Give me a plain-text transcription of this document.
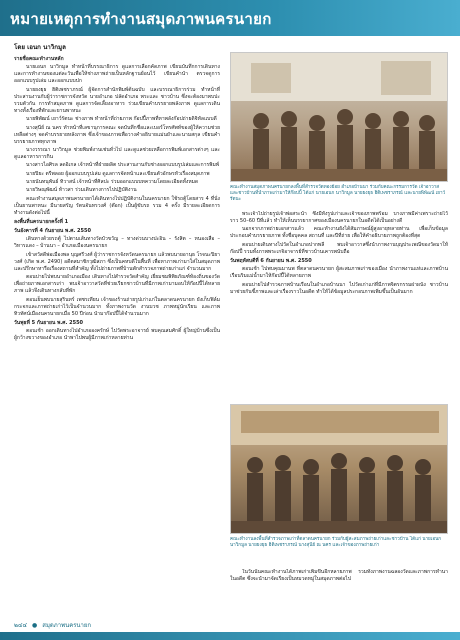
หมายเหตุการทำงานสมุดภาพนครนายก
โดย เอนก นาวิกมูล

รายชื่อคณะทำงานหลัก

นายเอนก นาวิกมูล ทำหน้าที่บรรณาธิการ ดูแลการเลือกคัดภาพ เขียนบันทึกการเดินทางและการทำงานของแต่ละวันเพื่อให้ช่างภาพถ่ายเป็นหลักฐานย้อนไว้ เขียนคำนำ ตรวจดูการออกแบบรูปเล่ม และออกแบบปก

นายยงยุธ ฮิติเพชราภรณ์ ผู้จัดการสำนักพิมพ์ต้นฉบับ และบรรณาธิการร่วม ทำหน้าที่ประสานงานกับผู้ว่าราชการจังหวัด นายอำเภอ ปลัดอำเภอ พระและ ชาวบ้าน ซึ่งจะต้องมาพบปะรวมตัวกัน การทำสมุดภาพ ดูแลการจัดเลี้ยงอาหาร ร่วมเขียนคำบรรยายพลังภาพ ดูแลการเดินทางทั้งเรื่องที่พักและยานพาหนะ

นายพิพัฒน์ เยาว์รัตนะ ช่างภาพ ทำหน้าที่ถ่ายภาพ ก๊อปปี้ภาพที่หาพลังก๊อปถ่ายดิจิทัลแบบดี

นางสุนีย์ ณ นคร ทำหน้าที่เลขานุการคณะ จดบันทึกชื่อและเบอร์โทรศัพท์ของผู้ให้ความช่วยเหลือต่างๆ จดคำบรรยายหลังภาพ ซึ่งเจ้าของภาพเพื่อวางคำอธิบายแม่นยำและนามสกุล เขียนคำบรรยายภาพทุกภาพ

นางวรรณา นาวิกมูล ช่วยพิมพ์งานเช่นทั่วไป และดูแลช่วยเหลือการพิมพ์เอกสารต่างๆ และดูแลอาหารการกิน

นางสาวไอศิรล ลดอิเกล เจ้าหน้าที่ฝ่ายผลิต ประสานงานกับช่างออกแบบรูปเล่มและการพิมพ์

นายปิยะ ตรีพลอย ผู้ออกแบบรูปเล่ม ดูแลการจัดหน้าและเขียนตัวอักษรหัวเรื่องสมุดภาพ

นายนันทนุพันธ์ ทิวาสน์ เจ้าหน้าที่ศิลปะ ร่วมออกแบบบทความโดยละเอียดทั้งหมด

นายวิษณุพัฒน์ ท้าวสา ร่วมเดินทางการไปปฏิบัติงาน

คณะทำงานสมุดภาพนครนายกได้เดินทางไปปฏิบัติงานในนครนายก ใช้รถตู้โดยสาร 4 ที่นั่งเป็นยานพาหนะ มีนายสรัญ รัตนจันทรวงศ์ (ต๊อก) เป็นผู้ขับรถ รวม 4 ครั้ง มีรายละเอียดการทำงานดังต่อไปนี้

ลงพื้นที่นครนายกครั้งที่ 1

วันอังคารที่ 4 กันยายน พ.ศ. 2550

เดินทางด้วยรถตู้ ไปตามเส้นทางวัดบัวขวัญ – ทางด่วนบางปะอิน – รังสิต – หนองเสือ – วิหารแดง – บ้านนา – อำเภอเมืองนครนายก

เข้าสวัสดีพ่อเมืองพล บุญศรีวงศ์ ผู้ว่าราชการจังหวัดนครนายก แล้วพบนายอานุธ โรจนะปิยาวงศ์ (เกิด พ.ศ. 2490) อดีตสมาชิกวุฒิสภา ซึ่งเป็นคหบดีในพื้นที่ เพื่อหาภาพเก่ามาใส่ในสมุดภาพและปรึกษาหารือเรื่องสถานที่สำคัญ ทั้งไปถ่ายภาพที่บ้านพักสำรวจภาพถ่ายเก่าแก่ จำนวนมาก

ตอนบ่ายไปพบนายอำเภอเมือง เดินทางไปสำรวจวัดสำคัญ เยี่ยมชมพิพิธภัณฑ์ท้องถิ่นของวัด เพื่อถ่ายภาพเอกสารเก่า พบเจ้าอาวาสวัดที่ช่วยเรียกชาวบ้านที่มีภาพเก่ามามอบให้ก๊อปปี้ได้หลายภาพ แล้วจึงเดินทางกลับที่พัก

ตอนเย็นพบนายสุรินทร์ เพชรเทียน เจ้าของร้านถ่ายรูปเก่าแก่ในตลาดนครนายก ยังเก็บฟิล์มกระจกและภาพถ่ายเก่าไว้เป็นจำนวนมาก ทั้งภาพงานวัด งานบวช ภาพหมู่นักเรียน และภาพทิวทัศน์เมืองนครนายกเมื่อ 50 ปีก่อน นำมาก๊อปปี้ได้จำนวนมาก

วันพุธที่ 5 กันยายน พ.ศ. 2550

ตอนเช้า ออกเดินทางไปอำเภอองครักษ์ ไปวัดพระอาจารย์ พบคุณสมศักดิ์ ผู้ใหญ่บ้านซึ่งเป็นผู้กว้างขวางของอำเภอ นำพาไปพบผู้มีภาพเก่าหลายท่าน

คณะทำงานสมุดภาพนครนายกลงพื้นที่สำรวจวัดทองย้อย อำเภอบ้านนา ร่วมกับคณะกรรมการวัด เจ้าอาวาส และชาวบ้านที่นำภาพเก่ามาให้ก๊อปปี้ ได้แก่ นายเอนก นาวิกมูล นายยงยุธ ฮิติเพชราภรณ์ และนายพิพัฒน์ เยาว์รัตนะ

พระเจ้าไปถ่ายรูปเจ้าพ่อสระน้ำ ซึ่งมีทั้งรูปเก่าและเจ้าของภาพพร้อม บางภาพมีค่าเพราะถ่ายไว้ราว 50–60 ปีที่แล้ว ทำให้เห็นบรรยากาศของเมืองนครนายกในอดีตได้เป็นอย่างดี

นอกจากภาพถ่ายเอกสารแล้ว คณะทำงานยังได้สัมภาษณ์ผู้สูงอายุหลายท่าน เพื่อเก็บข้อมูลประกอบคำบรรยายภาพ ทั้งชื่อบุคคล สถานที่ และปีที่ถ่าย เพื่อให้คำอธิบายภาพถูกต้องที่สุด

ตอนบ่ายเดินทางไปวัดในอำเภอปากพลี พบเจ้าอาวาสซึ่งนำภาพงานบุญประเพณีของวัดมาให้ก๊อปปี้ รวมทั้งภาพพระเกจิอาจารย์ที่ชาวบ้านเคารพนับถือ

วันพฤหัสบดีที่ 6 กันยายน พ.ศ. 2550

ตอนเช้า ไปพบคุณมานพ ที่ตลาดนครนายก ผู้สะสมภาพเก่าของเมือง นำภาพงานแห่และภาพบ้านเรือนริมแม่น้ำมาให้ก๊อปปี้ได้หลายภาพ

ตอนบ่ายไปสำรวจภาพบ้านเรือนในอำเภอบ้านนา ไปวัดเก่าแก่ที่มีภาพจิตรกรรมฝาผนัง ชาวบ้านมาช่วยกันชี้ภาพและเล่าเรื่องราวในอดีต ทำให้ได้ข้อมูลประกอบภาพเพิ่มขึ้นเป็นอันมาก

คณะทำงานลงพื้นที่สำรวจภาพเก่าที่ตลาดนครนายก ร่วมกับผู้สะสมภาพถ่ายเก่าและชาวบ้าน ได้แก่ นายเอนก นาวิกมูล นายยงยุธ ฮิติเพชราภรณ์ นางสุนีย์ ณ นคร และเจ้าของภาพถ่ายเก่า

ในวันนั้นคณะทำงานได้ภาพเก่าเพิ่มขึ้นอีกหลายภาพ รวมทั้งภาพงานฉลองวัดและภาพการทำนาในอดีต ซึ่งจะนำมาจัดเรียงเป็นหมวดหมู่ในสมุดภาพต่อไป

๒๔๔ ● สมุดภาพนครนายก
